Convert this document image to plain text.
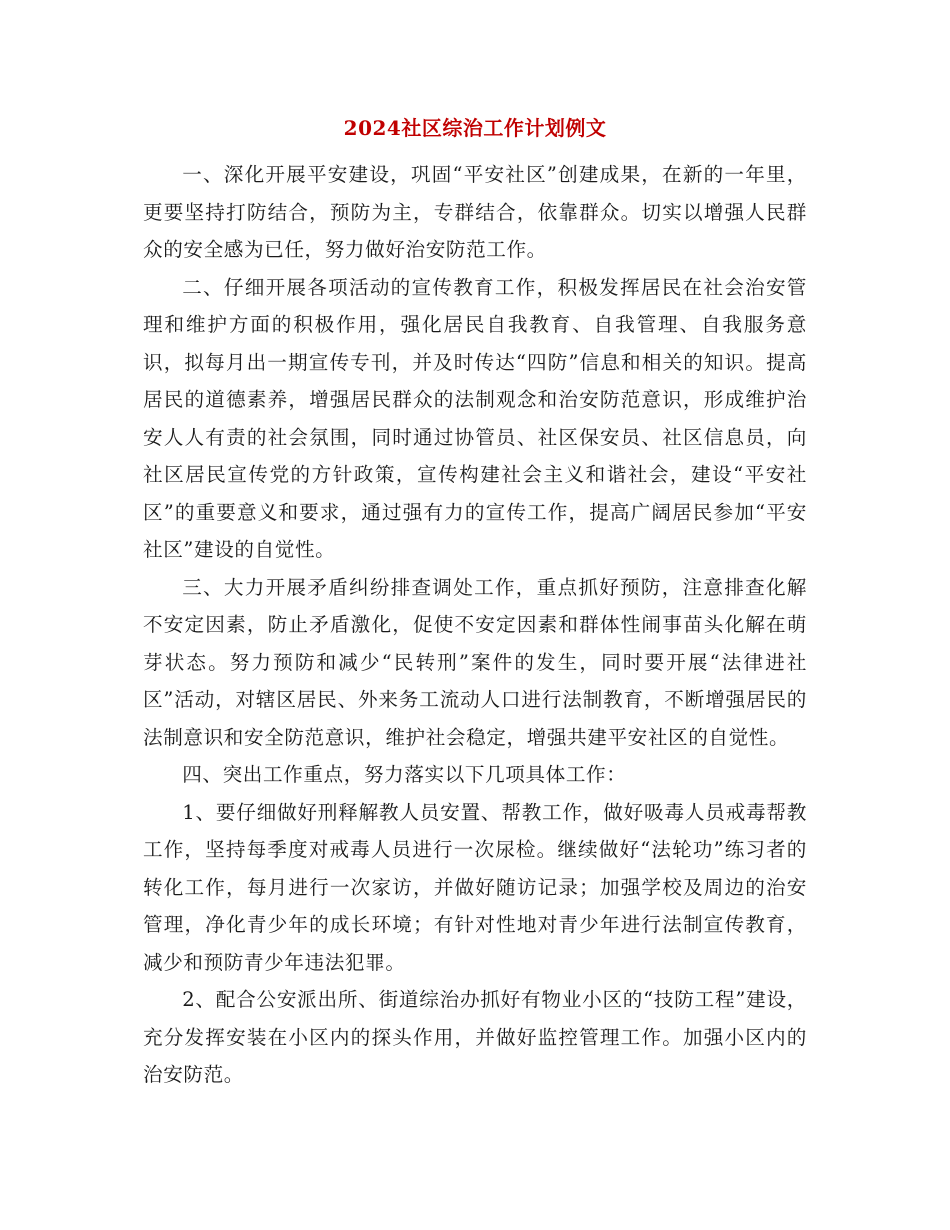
2024社区综治工作计划例文

一、深化开展平安建设，巩固“平安社区”创建成果，在新的一年里，更要坚持打防结合，预防为主，专群结合，依靠群众。切实以增强人民群众的安全感为已任，努力做好治安防范工作。

二、仔细开展各项活动的宣传教育工作，积极发挥居民在社会治安管理和维护方面的积极作用，强化居民自我教育、自我管理、自我服务意识，拟每月出一期宣传专刊，并及时传达“四防”信息和相关的知识。提高居民的道德素养，增强居民群众的法制观念和治安防范意识，形成维护治安人人有责的社会氛围，同时通过协管员、社区保安员、社区信息员，向社区居民宣传党的方针政策，宣传构建社会主义和谐社会，建设“平安社区”的重要意义和要求，通过强有力的宣传工作，提高广阔居民参加“平安社区”建设的自觉性。

三、大力开展矛盾纠纷排查调处工作，重点抓好预防，注意排查化解不安定因素，防止矛盾激化，促使不安定因素和群体性闹事苗头化解在萌芽状态。努力预防和减少“民转刑”案件的发生，同时要开展“法律进社区”活动，对辖区居民、外来务工流动人口进行法制教育，不断增强居民的法制意识和安全防范意识，维护社会稳定，增强共建平安社区的自觉性。

四、突出工作重点，努力落实以下几项具体工作：

1、要仔细做好刑释解教人员安置、帮教工作，做好吸毒人员戒毒帮教工作，坚持每季度对戒毒人员进行一次尿检。继续做好“法轮功”练习者的转化工作，每月进行一次家访，并做好随访记录；加强学校及周边的治安管理，净化青少年的成长环境；有针对性地对青少年进行法制宣传教育，减少和预防青少年违法犯罪。

2、配合公安派出所、街道综治办抓好有物业小区的“技防工程”建设，充分发挥安装在小区内的探头作用，并做好监控管理工作。加强小区内的治安防范。
